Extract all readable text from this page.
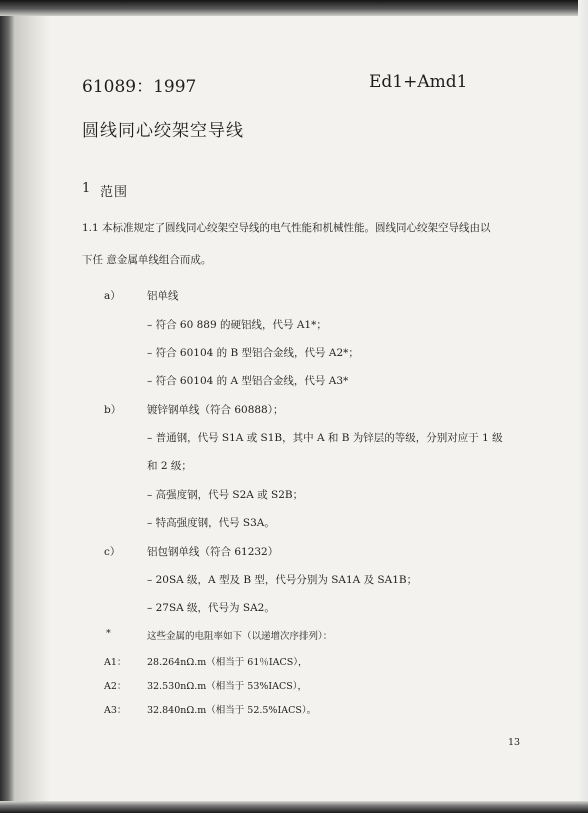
61089：1997	Ed1+Amd1
圆线同心绞架空导线
1 范围
1.1 本标准规定了圆线同心绞架空导线的电气性能和机械性能。圆线同心绞架空导线由以
下任 意金属单线组合而成。
a） 铝单线
– 符合 60 889 的硬铝线，代号 A1*；
– 符合 60104 的 B 型铝合金线，代号 A2*；
– 符合 60104 的 A 型铝合金线，代号 A3*
b） 镀锌钢单线（符合 60888）；
– 普通钢，代号 S1A 或 S1B，其中 A 和 B 为锌层的等级，分别对应于 1 级
和 2 级；
– 高强度钢，代号 S2A 或 S2B；
– 特高强度钢，代号 S3A。
c）	铝包钢单线（符合 61232）
– 20SA 级，A 型及 B 型，代号分别为 SA1A 及 SA1B；
– 27SA 级，代号为 SA2。
*	这些金属的电阻率如下（以递增次序排列）：
A1： 28.264nΩ.m（相当于 61％IACS），
A2： 32.530nΩ.m（相当于 53%IACS），
A3： 32.840nΩ.m（相当于 52.5%IACS）。
13
